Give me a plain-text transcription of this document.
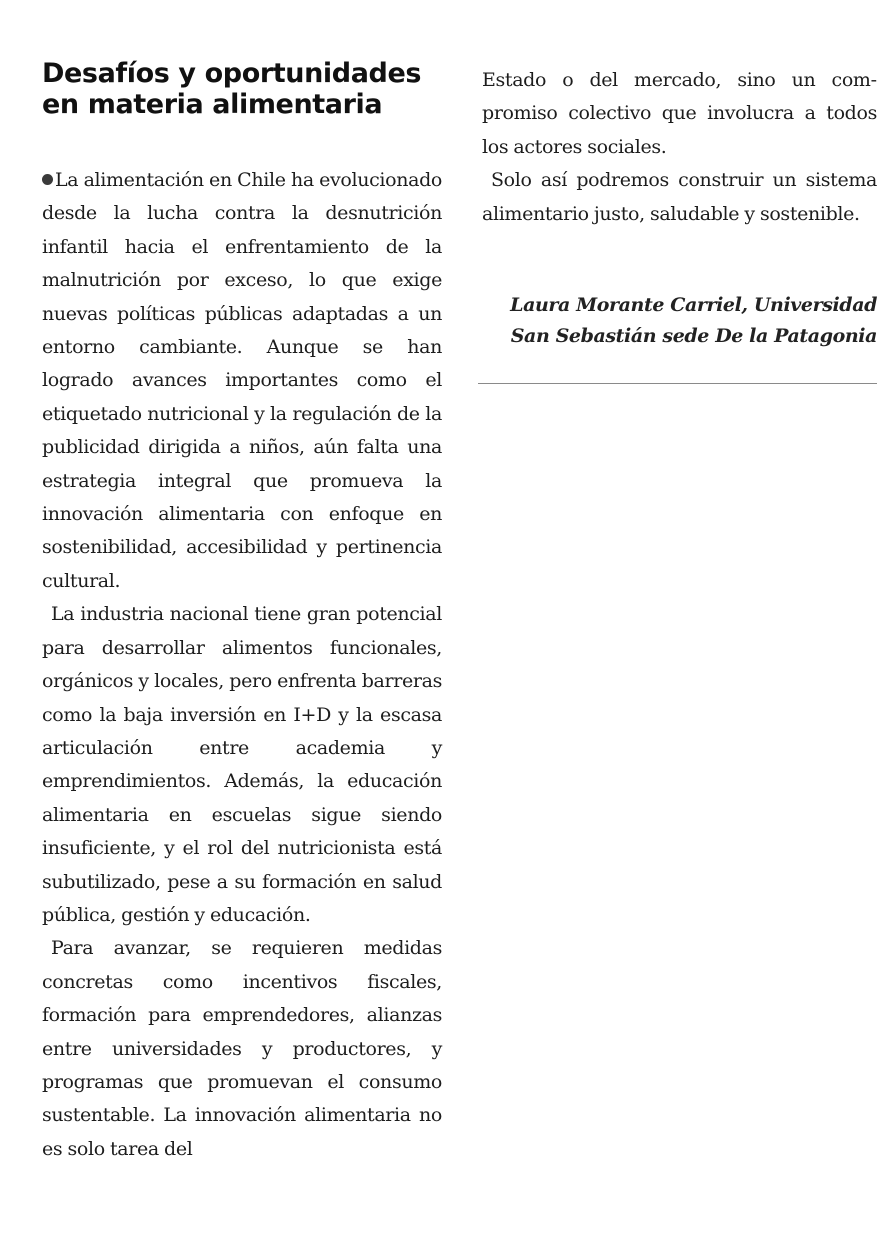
Desafíos y oportunidades en materia alimentaria

La alimentación en Chile ha evolucionado desde la lucha contra la desnutrición infantil hacia el enfrentamiento de la malnutrición por exceso, lo que exige nuevas políticas públicas adaptadas a un entorno cambiante. Aunque se han logrado avances importantes como el etiquetado nutricional y la regulación de la publicidad dirigida a niños, aún falta una estrategia integral que promueva la innovación alimentaria con enfoque en sostenibilidad, accesibilidad y pertinencia cultural.

La industria nacional tiene gran potencial para desarrollar alimentos funcionales, orgánicos y locales, pero enfrenta barreras como la baja inversión en I+D y la escasa articulación entre academia y emprendimientos. Además, la educación alimentaria en escuelas sigue siendo insuficiente, y el rol del nutricionista está subutilizado, pese a su formación en salud pública, gestión y educación.

Para avanzar, se requieren medidas concretas como incentivos fiscales, formación para emprendedores, alianzas entre universidades y productores, y programas que promuevan el consumo sustentable. La innovación alimentaria no es solo tarea del

Estado o del mercado, sino un compromiso colectivo que involucra a todos los actores sociales.

Solo así podremos construir un sistema alimentario justo, saludable y sostenible.

Laura Morante Carriel, Universidad
San Sebastián sede De la Patagonia
